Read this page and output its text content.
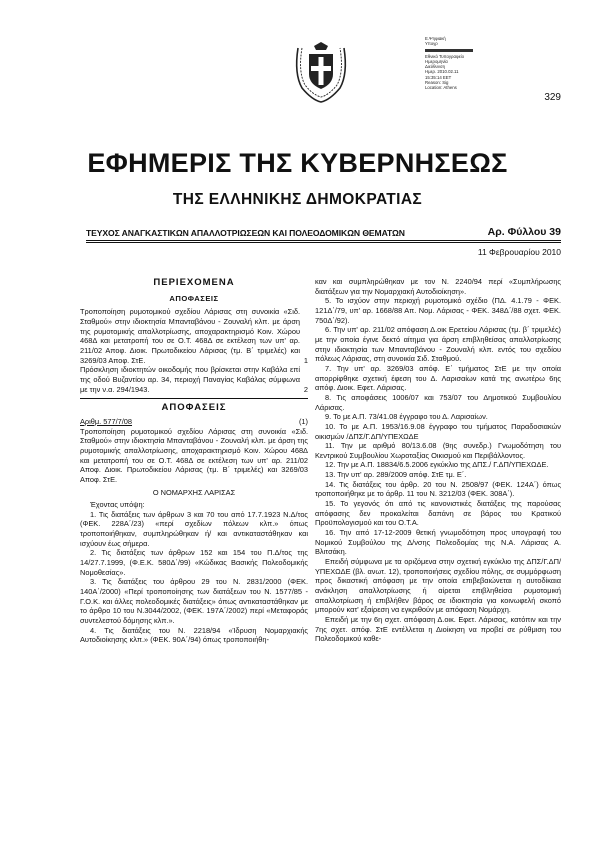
Ε.Ψηφιακή
Υπογρ
Εθνικό Τυπογραφείο
Ημερομηνία
Διεύθυνση
Ημερ. 2010.02.11
15:35:14 EET
Reason: Sig
Location: Athens
329
ΕΦΗΜΕΡΙΣ ΤΗΣ ΚΥΒΕΡΝΗΣΕΩΣ
ΤΗΣ ΕΛΛΗΝΙΚΗΣ ΔΗΜΟΚΡΑΤΙΑΣ
ΤΕΥΧΟΣ ΑΝΑΓΚΑΣΤΙΚΩΝ ΑΠΑΛΛΟΤΡΙΩΣΕΩΝ ΚΑΙ ΠΟΛΕΟΔΟΜΙΚΩΝ ΘΕΜΑΤΩΝ	Αρ. Φύλλου 39
11 Φεβρουαρίου 2010
ΠΕΡΙΕΧΟΜΕΝΑ
ΑΠΟΦΑΣΕΙΣ

Τροποποίηση ρυμοτομικού σχεδίου Λάρισας στη συνοικία «Σιδ. Σταθμού» στην ιδιοκτησία Μπανταβάνου - Ζουναλή κλπ. με άρση της ρυμοτομικής απαλλοτρίωσης, αποχαρακτηρισμό Κοιν. Χώρου 468Δ και μετατροπή του σε Ο.Τ. 468Δ σε εκτέλεση των υπ' αρ. 211/02 Αποφ. Διοικ. Πρωτοδικείου Λάρισας (τμ. Β΄ τριμελές) και 3269/03 Αποφ. ΣτΕ.	1

Πρόσκληση ιδιοκτητών οικοδομής που βρίσκεται στην Καβάλα επί της οδού Βυζαντίου αρ. 34, περιοχή Παναγίας Καβάλας σύμφωνα με την ν.α. 294/1943.	2

ΑΠΟΦΑΣΕΙΣ
Αριθμ. 577/7/08	(1)

Τροποποίηση ρυμοτομικού σχεδίου Λάρισας στη συνοικία «Σιδ. Σταθμού» στην ιδιοκτησία Μπανταβάνου - Ζουναλή κλπ. με άρση της ρυμοτομικής απαλλοτρίωσης, αποχαρακτηρισμό Κοιν. Χώρου 468Δ και μετατροπή του σε Ο.Τ. 468Δ σε εκτέλεση των υπ' αρ. 211/02 Αποφ. Διοικ. Πρωτοδικείου Λάρισας (τμ. Β΄ τριμελές) και 3269/03 Αποφ. ΣτΕ.

Ο ΝΟΜΑΡΧΗΣ ΛΑΡΙΣΑΣ

Έχοντας υπόψη:

1. Τις διατάξεις των άρθρων 3 και 70 του από 17.7.1923 Ν.Δ/τος (ΦΕΚ. 228Α΄/23) «περί σχεδίων πόλεων κλπ.» όπως τροποποιήθηκαν, συμπληρώθηκαν ή/ και αντικαταστάθηκαν και ισχύουν έως σήμερα.

2. Τις διατάξεις των άρθρων 152 και 154 του Π.Δ/τος της 14/27.7.1999, (Φ.Ε.Κ. 580Δ΄/99) «Κώδικας Βασικής Πολεοδομικής Νομοθεσίας».

3. Τις διατάξεις του άρθρου 29 του Ν. 2831/2000 (ΦΕΚ. 140Α΄/2000) «Περί τροποποίησης των διατάξεων του Ν. 1577/85 - Γ.Ο.Κ. και άλλες πολεοδομικές διατάξεις» όπως αντικαταστάθηκαν με το άρθρο 10 του Ν.3044/2002, (ΦΕΚ. 197Α΄/2002) περί «Μεταφοράς συντελεστού δόμησης κλπ.».

4. Τις διατάξεις του Ν. 2218/94 «Ίδρυση Νομαρχιακής Αυτοδιοίκησης κλπ.» (ΦΕΚ. 90Α΄/94) όπως τροποποιήθη-

καν και συμπληρώθηκαν με τον Ν. 2240/94 περί «Συμπλήρωσης διατάξεων για την Νομαρχιακή Αυτοδιοίκηση».

5. Το ισχύον στην περιοχή ρυμοτομικό σχέδιο (ΠΔ. 4.1.79 - ΦΕΚ. 121Δ΄/79, υπ' αρ. 1668/88 Απ. Νομ. Λάρισας - ΦΕΚ. 348Δ΄/88 σχετ. ΦΕΚ. 750Δ΄/92).

6. Την υπ' αρ. 211/02 απόφαση Δ.οικ Ερετείου Λάρισας (τμ. β΄ τριμελές) με την οποία έγινε δεκτό αίτημα για άρση επιβληθείσας απαλλοτρίωσης στην ιδιοκτησία των Μπανταβάνου - Ζουναλή κλπ. εντός του σχεδίου πόλεως Λάρισας, στη συνοικία Σιδ. Σταθμού.

7. Την υπ' αρ. 3269/03 απόφ. Ε΄ τμήματος ΣτΕ με την οποία απορρίφθηκε σχετική έφεση του Δ. Λαρισαίων κατά της ανωτέρω 6ης απόφ. Διοικ. Εφετ. Λάρισας.

8. Τις αποφάσεις 1006/07 και 753/07 του Δημοτικού Συμβουλίου Λάρισας.

9. Το με Α.Π. 73/41.08 έγγραφο του Δ. Λαρισαίων.

10. Το με Α.Π. 1953/16.9.08 έγγραφο του τμήματος Παραδοσιακών οικισμών /ΔΠΣ/Γ.ΔΠ/ΥΠΕΧΩΔΕ

11. Την με αριθμό 80/13.6.08 (9ης συνεδρ.) Γνωμοδότηση του Κεντρικού Συμβουλίου Χωροταξίας Οικισμού και Περιβάλλοντος.

12. Την με Α.Π. 18834/6.5.2006 εγκύκλιο της ΔΠΣ./ Γ.ΔΠ/ΥΠΕΧΩΔΕ.

13. Την υπ' αρ. 289/2009 απόφ. ΣτΕ τμ. Ε΄.

14. Τις διατάξεις του άρθρ. 20 του Ν. 2508/97 (ΦΕΚ. 124Α΄) όπως τροποποιήθηκε με το άρθρ. 11 του Ν. 3212/03 (ΦΕΚ. 308Α΄).

15. Το γεγονός ότι από τις κανονιστικές διατάξεις της παρούσας απόφασης δεν προκαλείται δαπάνη σε βάρος του Κρατικού Προϋπολογισμού και του Ο.Τ.Α.

16. Την από 17-12-2009 θετική γνωμοδότηση προς υπογραφή του Νομικού Συμβούλου της Δ/νσης Πολεοδομίας της Ν.Α. Λάρισας Α. Βλιτσάκη.

Επειδή σύμφωνα με τα οριζόμενα στην σχετική εγκύκλιο της ΔΠΣ/Γ.ΔΠ/ΥΠΕΧΩΔΕ (βλ. ανωτ. 12), τροποποιήσεις σχεδίου πόλης, σε συμμόρφωση προς δικαστική απόφαση με την οποία επιβεβαιώνεται η αυτοδίκαια ανάκληση απαλλοτρίωσης ή αίρεται επιβληθείσα ρυμοτομική απαλλοτρίωση ή επιβλήθεν βάρος σε ιδιοκτησία για κοινωφελή σκοπό μπορούν κατ' εξαίρεση να εγκριθούν με απόφαση Νομάρχη.

Επειδή με την 6η σχετ. απόφαση Δ.οικ. Εφετ. Λάρισας, κατόπιν και την 7ης σχετ. απόφ. ΣτΕ εντέλλεται η Διοίκηση να προβεί σε ρύθμιση του Πολεοδομικού καθε-
